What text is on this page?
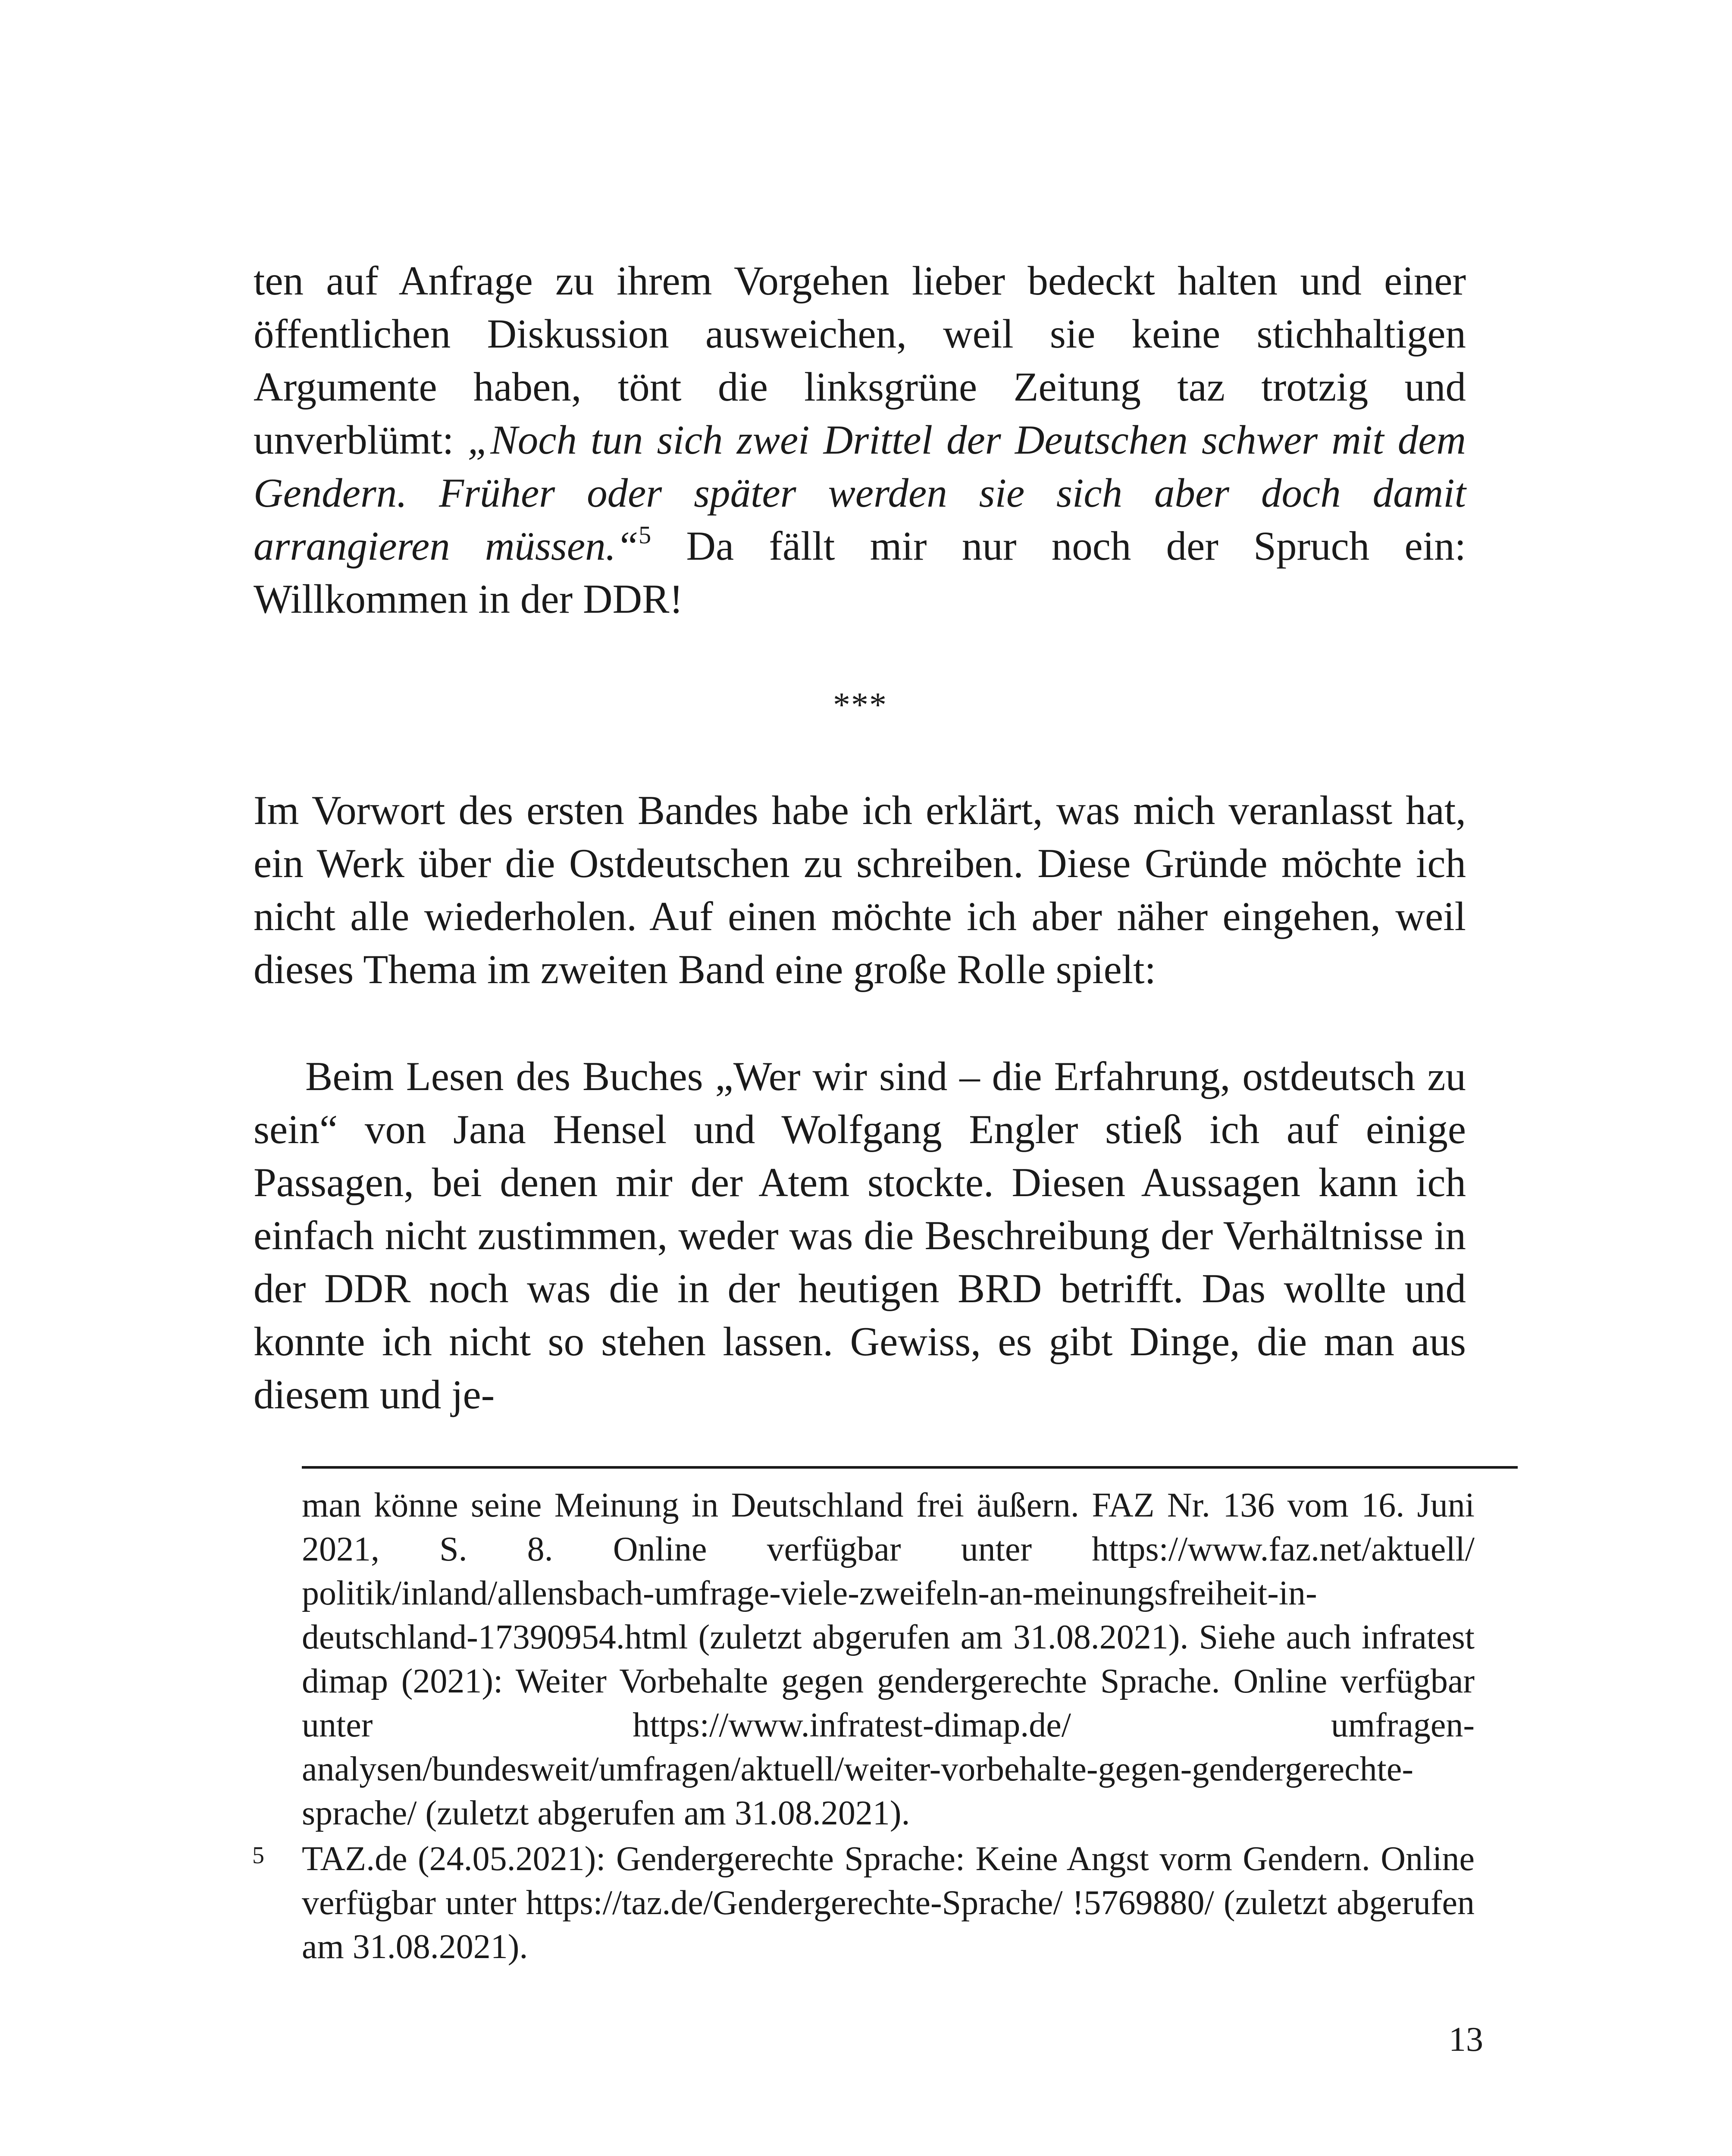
ten auf Anfrage zu ihrem Vorgehen lieber bedeckt halten und einer öffentlichen Diskussion ausweichen, weil sie keine stichhaltigen Argumente haben, tönt die linksgrüne Zeitung taz trotzig und unverblümt: „Noch tun sich zwei Drittel der Deutschen schwer mit dem Gendern. Früher oder später werden sie sich aber doch damit arrangieren müssen.“$^5$ Da fällt mir nur noch der Spruch ein: Willkommen in der DDR!

***

Im Vorwort des ersten Bandes habe ich erklärt, was mich veranlasst hat, ein Werk über die Ostdeutschen zu schreiben. Diese Gründe möchte ich nicht alle wiederholen. Auf einen möchte ich aber näher eingehen, weil dieses Thema im zweiten Band eine große Rolle spielt:

Beim Lesen des Buches „Wer wir sind – die Erfahrung, ostdeutsch zu sein“ von Jana Hensel und Wolfgang Engler stieß ich auf einige Passagen, bei denen mir der Atem stockte. Diesen Aussagen kann ich einfach nicht zustimmen, weder was die Beschreibung der Verhältnisse in der DDR noch was die in der heutigen BRD betrifft. Das wollte und konnte ich nicht so stehen lassen. Gewiss, es gibt Dinge, die man aus diesem und je-

man könne seine Meinung in Deutschland frei äußern. FAZ Nr. 136 vom 16. Juni 2021, S. 8. Online verfügbar unter https://www.faz.net/aktuell/ politik/inland/allensbach-umfrage-viele-zweifeln-an-meinungsfreiheit-in-deutschland-17390954.html (zuletzt abgerufen am 31.08.2021). Siehe auch infratest dimap (2021): Weiter Vorbehalte gegen gendergerechte Sprache. Online verfügbar unter https://www.infratest-dimap.de/ umfragen-analysen/bundesweit/umfragen/aktuell/weiter-vorbehalte-gegen-gendergerechte-sprache/ (zuletzt abgerufen am 31.08.2021).

5 TAZ.de (24.05.2021): Gendergerechte Sprache: Keine Angst vorm Gendern. Online verfügbar unter https://taz.de/Gendergerechte-Sprache/ !5769880/ (zuletzt abgerufen am 31.08.2021).

13
